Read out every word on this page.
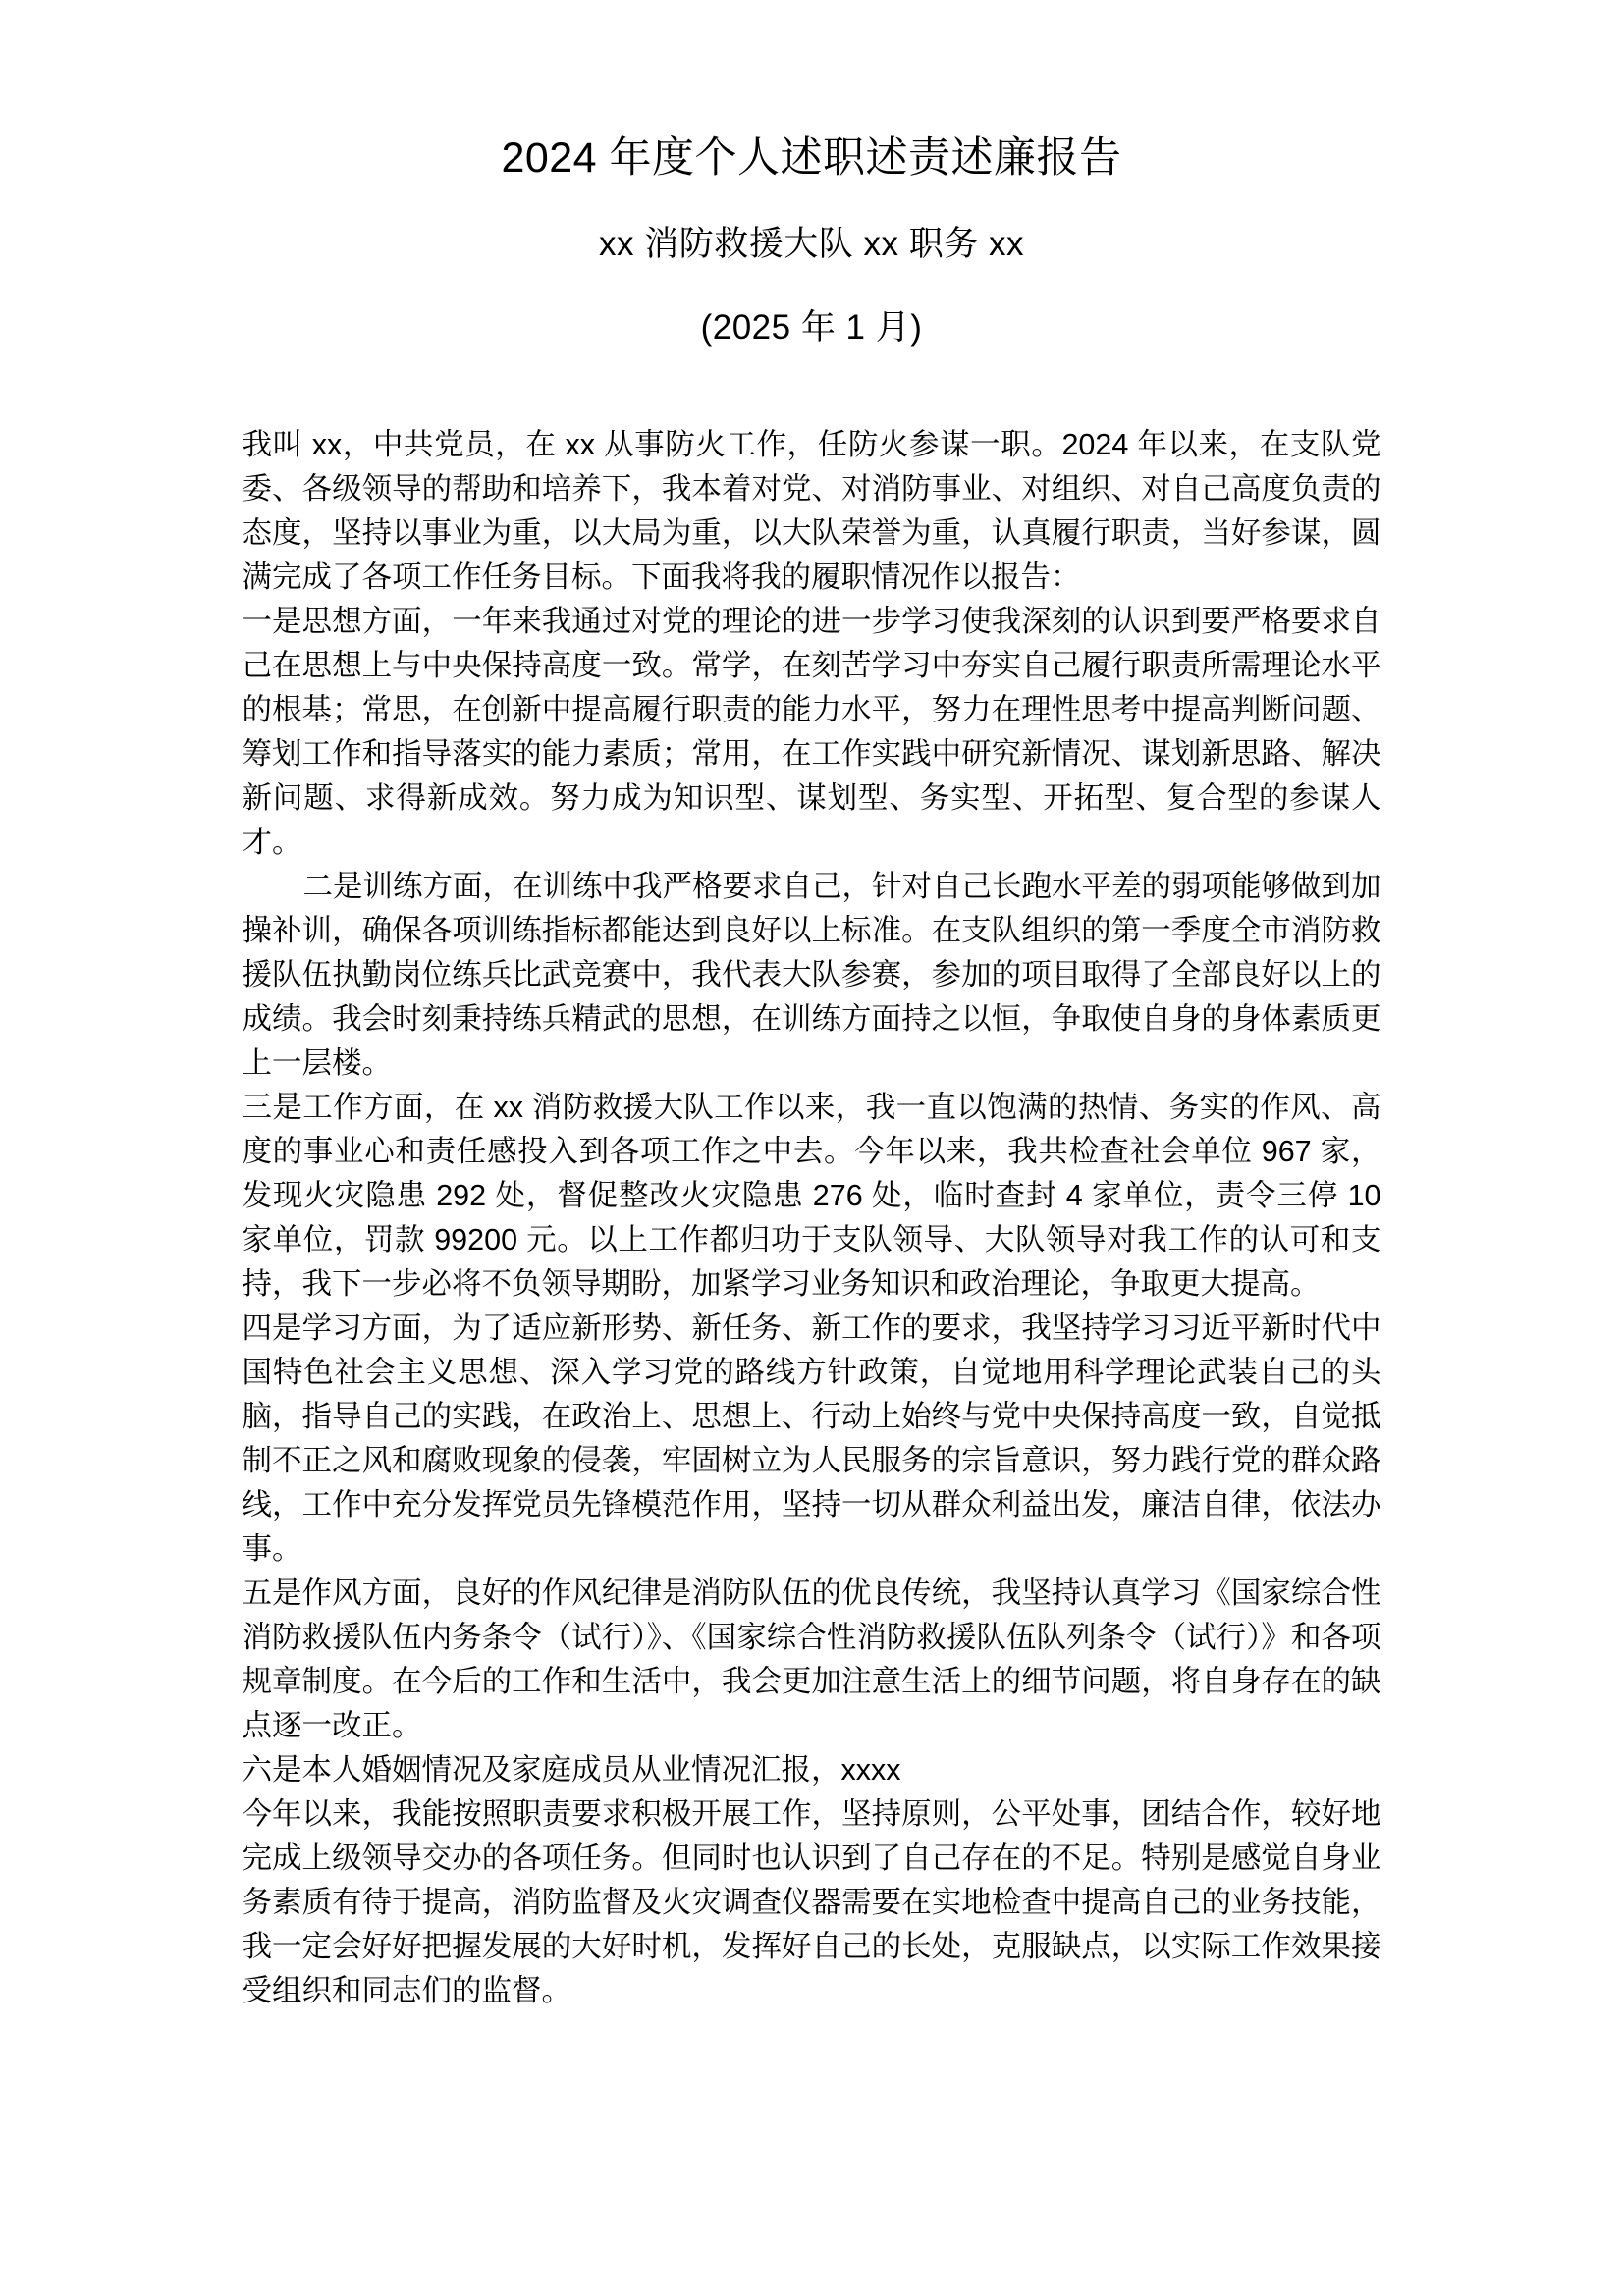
2024 年度个人述职述责述廉报告
xx 消防救援大队 xx 职务 xx
(2025 年 1 月)

我叫 xx，中共党员，在 xx 从事防火工作，任防火参谋一职。2024 年以来，在支队党委、各级领导的帮助和培养下，我本着对党、对消防事业、对组织、对自己高度负责的态度，坚持以事业为重，以大局为重，以大队荣誉为重，认真履行职责，当好参谋，圆满完成了各项工作任务目标。下面我将我的履职情况作以报告：

一是思想方面，一年来我通过对党的理论的进一步学习使我深刻的认识到要严格要求自己在思想上与中央保持高度一致。常学，在刻苦学习中夯实自己履行职责所需理论水平的根基；常思，在创新中提高履行职责的能力水平，努力在理性思考中提高判断问题、筹划工作和指导落实的能力素质；常用，在工作实践中研究新情况、谋划新思路、解决新问题、求得新成效。努力成为知识型、谋划型、务实型、开拓型、复合型的参谋人才。

二是训练方面，在训练中我严格要求自己，针对自己长跑水平差的弱项能够做到加操补训，确保各项训练指标都能达到良好以上标准。在支队组织的第一季度全市消防救援队伍执勤岗位练兵比武竞赛中，我代表大队参赛，参加的项目取得了全部良好以上的成绩。我会时刻秉持练兵精武的思想，在训练方面持之以恒，争取使自身的身体素质更上一层楼。

三是工作方面，在 xx 消防救援大队工作以来，我一直以饱满的热情、务实的作风、高度的事业心和责任感投入到各项工作之中去。今年以来，我共检查社会单位 967 家，发现火灾隐患 292 处，督促整改火灾隐患 276 处，临时查封 4 家单位，责令三停 10 家单位，罚款 99200 元。以上工作都归功于支队领导、大队领导对我工作的认可和支持，我下一步必将不负领导期盼，加紧学习业务知识和政治理论，争取更大提高。

四是学习方面，为了适应新形势、新任务、新工作的要求，我坚持学习习近平新时代中国特色社会主义思想、深入学习党的路线方针政策，自觉地用科学理论武装自己的头脑，指导自己的实践，在政治上、思想上、行动上始终与党中央保持高度一致，自觉抵制不正之风和腐败现象的侵袭，牢固树立为人民服务的宗旨意识，努力践行党的群众路线，工作中充分发挥党员先锋模范作用，坚持一切从群众利益出发，廉洁自律，依法办事。

五是作风方面，良好的作风纪律是消防队伍的优良传统，我坚持认真学习《国家综合性消防救援队伍内务条令（试行）》、《国家综合性消防救援队伍队列条令（试行）》和各项规章制度。在今后的工作和生活中，我会更加注意生活上的细节问题，将自身存在的缺点逐一改正。

六是本人婚姻情况及家庭成员从业情况汇报，xxxx

今年以来，我能按照职责要求积极开展工作，坚持原则，公平处事，团结合作，较好地完成上级领导交办的各项任务。但同时也认识到了自己存在的不足。特别是感觉自身业务素质有待于提高，消防监督及火灾调查仪器需要在实地检查中提高自己的业务技能，我一定会好好把握发展的大好时机，发挥好自己的长处，克服缺点，以实际工作效果接受组织和同志们的监督。
